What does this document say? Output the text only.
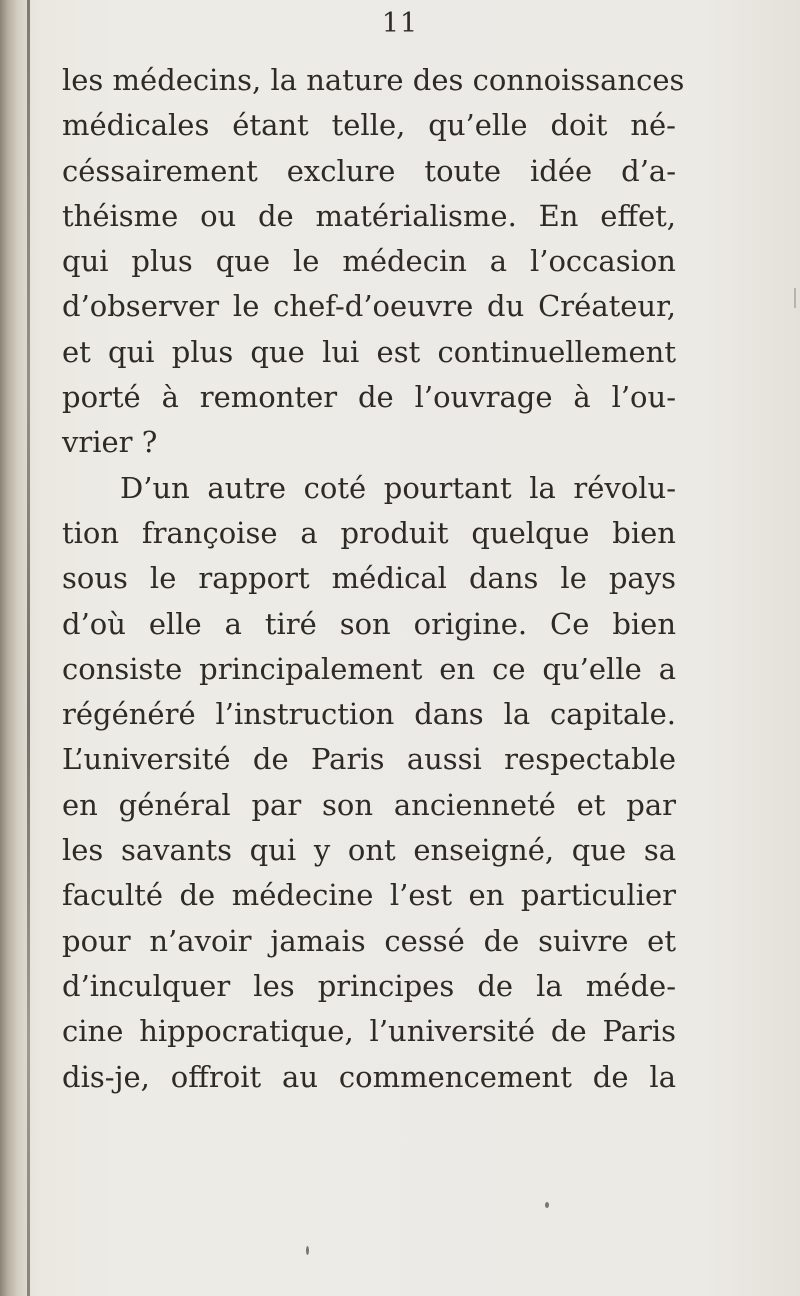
11
les médecins, la nature des connoissances
médicales étant telle, qu’elle doit né-
céssairement exclure toute idée d’a-
théisme ou de matérialisme. En effet,
qui plus que le médecin a l’occasion
d’observer le chef-d’oeuvre du Créateur,
et qui plus que lui est continuellement
porté à remonter de l’ouvrage à l’ou-
vrier ?
D’un autre coté pourtant la révolu-
tion françoise a produit quelque bien
sous le rapport médical dans le pays
d’où elle a tiré son origine. Ce bien
consiste principalement en ce qu’elle a
régénéré l’instruction dans la capitale.
L’université de Paris aussi respectable
en général par son ancienneté et par
les savants qui y ont enseigné, que sa
faculté de médecine l’est en particulier
pour n’avoir jamais cessé de suivre et
d’inculquer les principes de la méde-
cine hippocratique, l’université de Paris
dis-je, offroit au commencement de la
